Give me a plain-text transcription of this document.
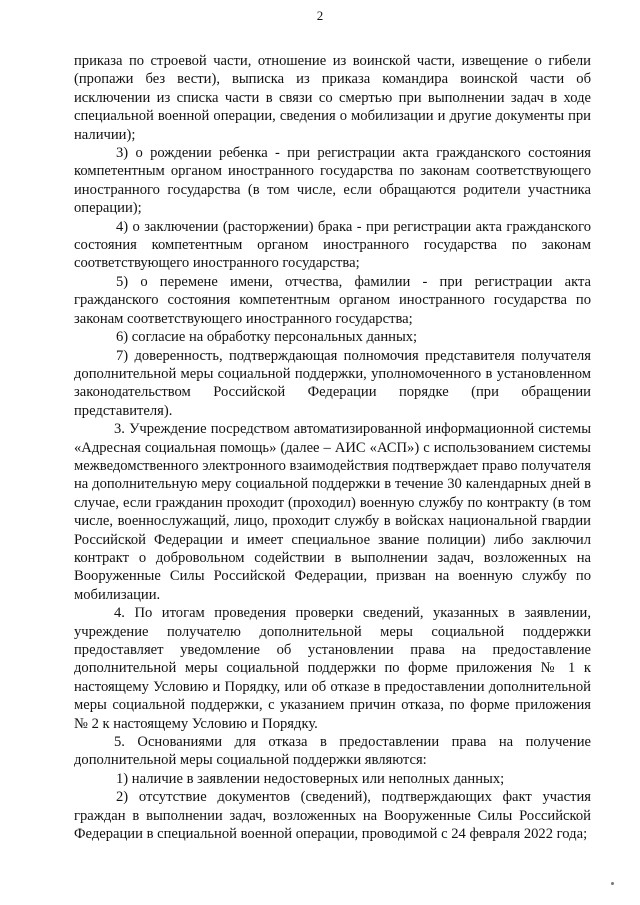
2

приказа по строевой части, отношение из воинской части, извещение о гибели (пропажи без вести), выписка из приказа командира воинской части об исключении из списка части в связи со смертью при выполнении задач в ходе специальной военной операции, сведения о мобилизации и другие документы при наличии);

3) о рождении ребенка - при регистрации акта гражданского состояния компетентным органом иностранного государства по законам соответствующего иностранного государства (в том числе, если обращаются родители участника операции);

4) о заключении (расторжении) брака - при регистрации акта гражданского состояния компетентным органом иностранного государства по законам соответствующего иностранного государства;

5) о перемене имени, отчества, фамилии - при регистрации акта гражданского состояния компетентным органом иностранного государства по законам соответствующего иностранного государства;

6) согласие на обработку персональных данных;

7) доверенность, подтверждающая полномочия представителя получателя дополнительной меры социальной поддержки, уполномоченного в установленном законодательством Российской Федерации порядке (при обращении представителя).

3. Учреждение посредством автоматизированной информационной системы «Адресная социальная помощь» (далее – АИС «АСП») с использованием системы межведомственного электронного взаимодействия подтверждает право получателя на дополнительную меру социальной поддержки в течение 30 календарных дней в случае, если гражданин проходит (проходил) военную службу по контракту (в том числе, военнослужащий, лицо, проходит службу в войсках национальной гвардии Российской Федерации и имеет специальное звание полиции) либо заключил контракт о добровольном содействии в выполнении задач, возложенных на Вооруженные Силы Российской Федерации, призван на военную службу по мобилизации.

4. По итогам проведения проверки сведений, указанных в заявлении, учреждение получателю дополнительной меры социальной поддержки предоставляет уведомление об установлении права на предоставление дополнительной меры социальной поддержки по форме приложения № 1 к настоящему Условию и Порядку, или об отказе в предоставлении дополнительной меры социальной поддержки, с указанием причин отказа, по форме приложения № 2 к настоящему Условию и Порядку.

5. Основаниями для отказа в предоставлении права на получение дополнительной меры социальной поддержки являются:

1) наличие в заявлении недостоверных или неполных данных;

2) отсутствие документов (сведений), подтверждающих факт участия граждан в выполнении задач, возложенных на Вооруженные Силы Российской Федерации в специальной военной операции, проводимой с 24 февраля 2022 года;
